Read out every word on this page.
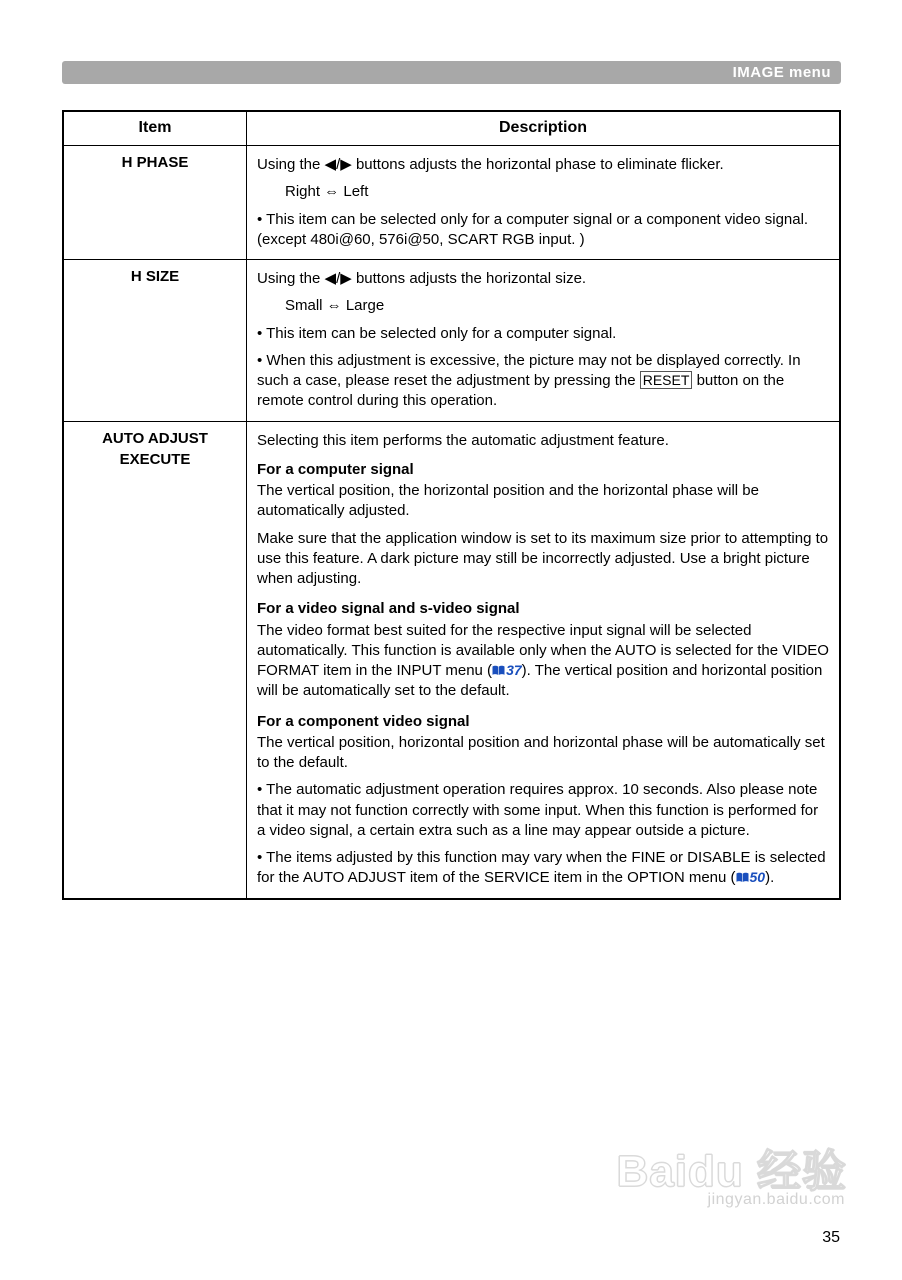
IMAGE menu
Item	Description
H PHASE	Using the ◀/▶ buttons adjusts the horizontal phase to eliminate flicker.

Right ⇔ Left

• This item can be selected only for a computer signal or a component video signal. (except 480i@60, 576i@50, SCART RGB input. )

H SIZE	Using the ◀/▶ buttons adjusts the horizontal size.

Small ⇔ Large

• This item can be selected only for a computer signal.

• When this adjustment is excessive, the picture may not be displayed correctly. In such a case, please reset the adjustment by pressing the RESET button on the remote control during this operation.

AUTO ADJUST
EXECUTE	

Selecting this item performs the automatic adjustment feature.

For a computer signal

The vertical position, the horizontal position and the horizontal phase will be automatically adjusted.

Make sure that the application window is set to its maximum size prior to attempting to use this feature. A dark picture may still be incorrectly adjusted. Use a bright picture when adjusting.

For a video signal and s-video signal

The video format best suited for the respective input signal will be selected automatically. This function is available only when the AUTO is selected for the VIDEO FORMAT item in the INPUT menu ( 37). The vertical position and horizontal position will be automatically set to the default.

For a component video signal

The vertical position, horizontal position and horizontal phase will be automatically set to the default.

• The automatic adjustment operation requires approx. 10 seconds. Also please note that it may not function correctly with some input. When this function is performed for a video signal, a certain extra such as a line may appear outside a picture.

• The items adjusted by this function may vary when the FINE or DISABLE is selected for the AUTO ADJUST item of the SERVICE item in the OPTION menu ( 50).

Baidu 经验
jingyan.baidu.com
35
